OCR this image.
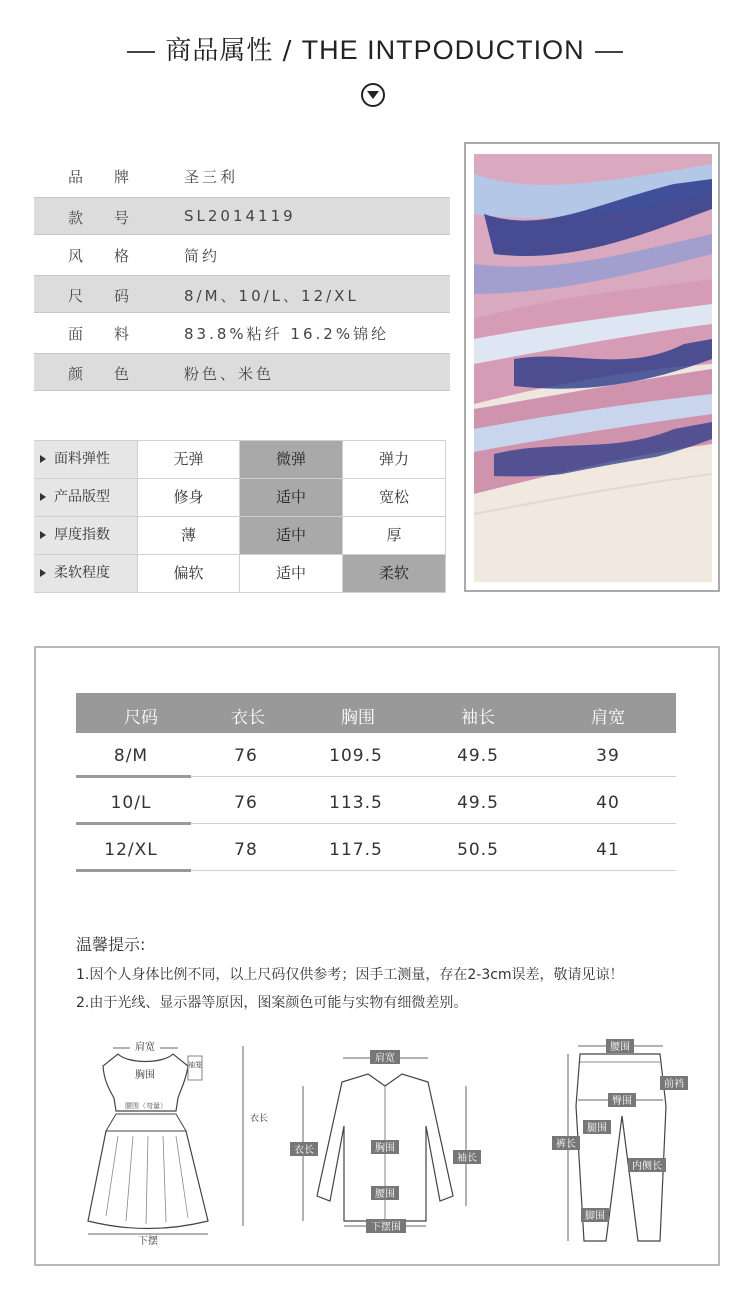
商品属性 / THE INTPODUCTION
品 牌	圣三利
款 号	SL2014119
风 格	简约
尺 码	8/M、10/L、12/XL
面 料	83.8%粘纤 16.2%锦纶
颜 色	粉色、米色
面料弹性	无弹	微弹	弹力
产品版型	修身	适中	宽松
厚度指数	薄	适中	厚
柔软程度	偏软	适中	柔软
尺码	衣长	胸围	袖长	肩宽
8/M	76	109.5	49.5	39
10/L	76	113.5	49.5	40
12/XL	78	117.5	50.5	41
温馨提示:
1.因个人身体比例不同，以上尺码仅供参考；因手工测量，存在2-3cm误差，敬请见谅！
2.由于光线、显示器等原因，图案颜色可能与实物有细微差别。
肩宽
胸围
袖笼
腰围（弯量）
衣长
下摆
肩宽
衣长	胸围
袖长
腰围
下摆围
腰围
前裆
臀围
腿围
裤长
内侧长
脚围
